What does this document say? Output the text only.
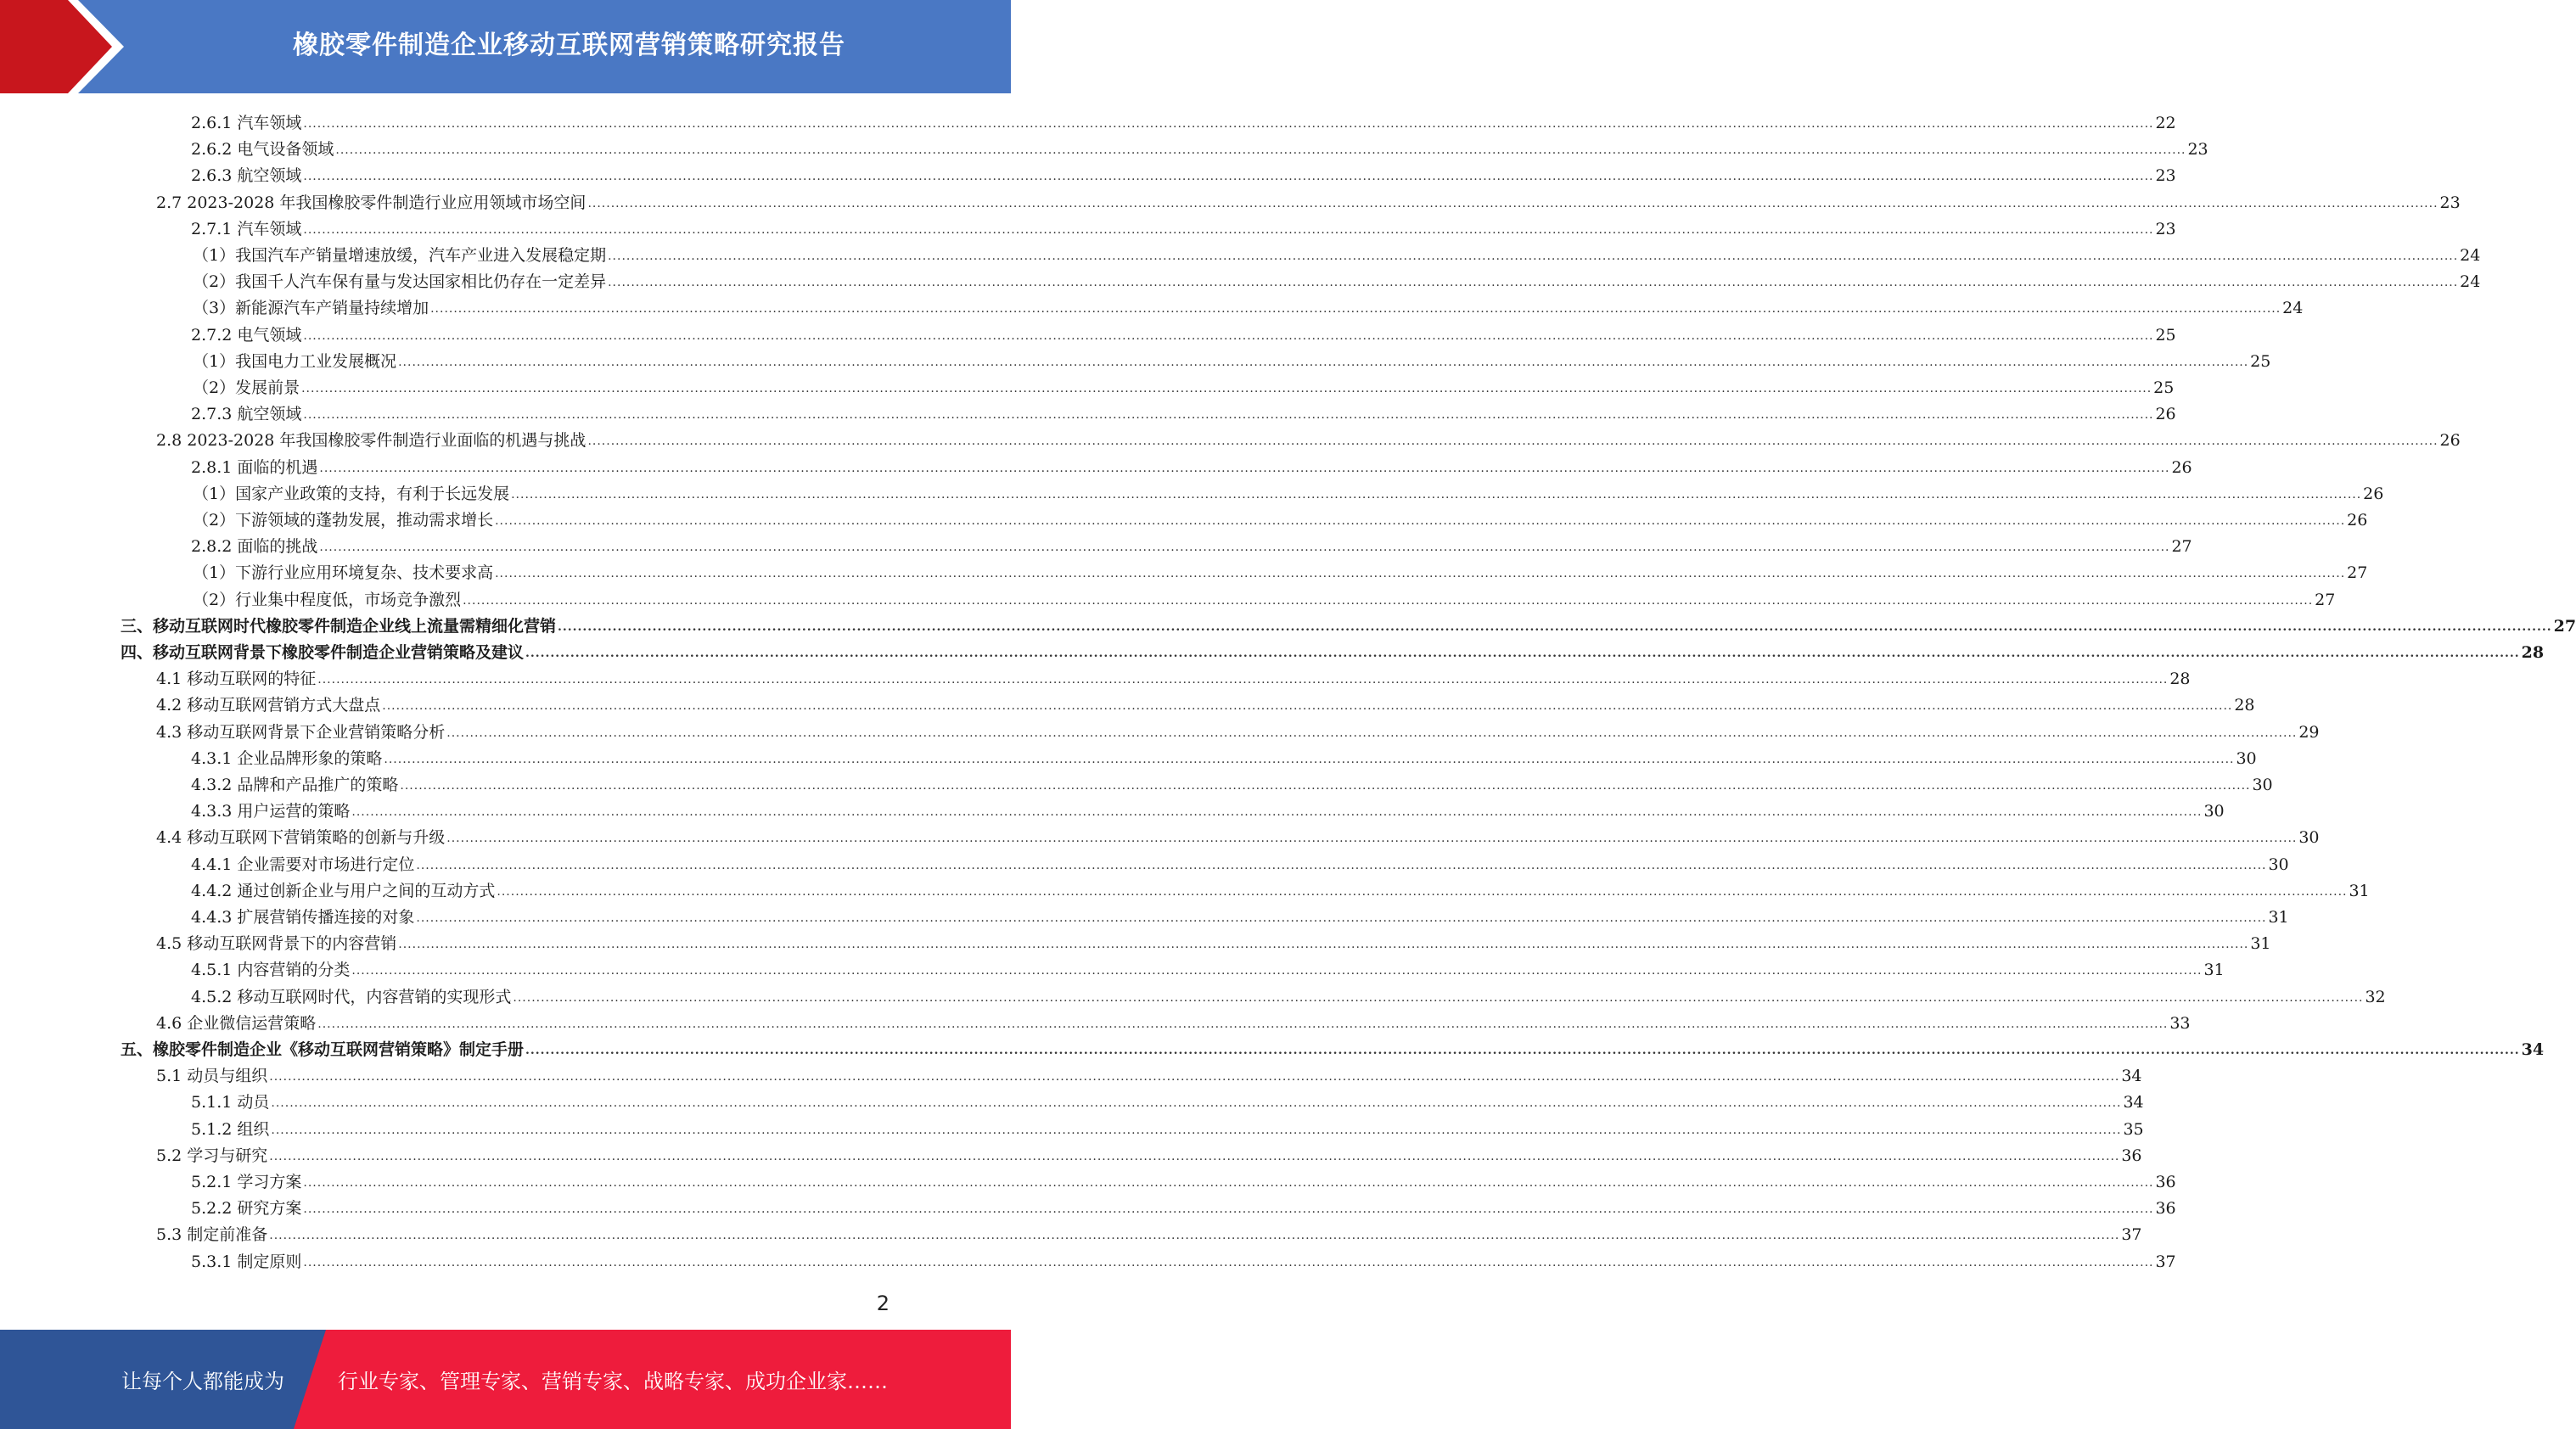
橡胶零件制造企业移动互联网营销策略研究报告
2.6.1 汽车领域 ................................................................................................................................................................................................................................................................................................................................................................................................................ 22
2.6.2 电气设备领域 ................................................................................................................................................................................................................................................................................................................................................................................................................ 23
2.6.3 航空领域 ................................................................................................................................................................................................................................................................................................................................................................................................................ 23
2.7 2023-2028 年我国橡胶零件制造行业应用领域市场空间 ................................................................................................................................................................................................................................................................................................................................................................................................................ 23
2.7.1 汽车领域 ................................................................................................................................................................................................................................................................................................................................................................................................................ 23
（1）我国汽车产销量增速放缓，汽车产业进入发展稳定期 ................................................................................................................................................................................................................................................................................................................................................................................................................ 24
（2）我国千人汽车保有量与发达国家相比仍存在一定差异 ................................................................................................................................................................................................................................................................................................................................................................................................................ 24
（3）新能源汽车产销量持续增加 ................................................................................................................................................................................................................................................................................................................................................................................................................ 24
2.7.2 电气领域 ................................................................................................................................................................................................................................................................................................................................................................................................................ 25
（1）我国电力工业发展概况 ................................................................................................................................................................................................................................................................................................................................................................................................................ 25
（2）发展前景 ................................................................................................................................................................................................................................................................................................................................................................................................................ 25
2.7.3 航空领域 ................................................................................................................................................................................................................................................................................................................................................................................................................ 26
2.8 2023-2028 年我国橡胶零件制造行业面临的机遇与挑战 ................................................................................................................................................................................................................................................................................................................................................................................................................ 26
2.8.1 面临的机遇 ................................................................................................................................................................................................................................................................................................................................................................................................................ 26
（1）国家产业政策的支持，有利于长远发展 ................................................................................................................................................................................................................................................................................................................................................................................................................ 26
（2）下游领域的蓬勃发展，推动需求增长 ................................................................................................................................................................................................................................................................................................................................................................................................................ 26
2.8.2 面临的挑战 ................................................................................................................................................................................................................................................................................................................................................................................................................ 27
（1）下游行业应用环境复杂、技术要求高 ................................................................................................................................................................................................................................................................................................................................................................................................................ 27
（2）行业集中程度低，市场竞争激烈 ................................................................................................................................................................................................................................................................................................................................................................................................................ 27
三、移动互联网时代橡胶零件制造企业线上流量需精细化营销 ................................................................................................................................................................................................................................................................................................................................................................................................................ 27
四、移动互联网背景下橡胶零件制造企业营销策略及建议 ................................................................................................................................................................................................................................................................................................................................................................................................................ 28
4.1 移动互联网的特征 ................................................................................................................................................................................................................................................................................................................................................................................................................ 28
4.2 移动互联网营销方式大盘点 ................................................................................................................................................................................................................................................................................................................................................................................................................ 28
4.3 移动互联网背景下企业营销策略分析 ................................................................................................................................................................................................................................................................................................................................................................................................................ 29
4.3.1 企业品牌形象的策略 ................................................................................................................................................................................................................................................................................................................................................................................................................ 30
4.3.2 品牌和产品推广的策略 ................................................................................................................................................................................................................................................................................................................................................................................................................ 30
4.3.3 用户运营的策略 ................................................................................................................................................................................................................................................................................................................................................................................................................ 30
4.4 移动互联网下营销策略的创新与升级 ................................................................................................................................................................................................................................................................................................................................................................................................................ 30
4.4.1 企业需要对市场进行定位 ................................................................................................................................................................................................................................................................................................................................................................................................................ 30
4.4.2 通过创新企业与用户之间的互动方式 ................................................................................................................................................................................................................................................................................................................................................................................................................ 31
4.4.3 扩展营销传播连接的对象 ................................................................................................................................................................................................................................................................................................................................................................................................................ 31
4.5 移动互联网背景下的内容营销 ................................................................................................................................................................................................................................................................................................................................................................................................................ 31
4.5.1 内容营销的分类 ................................................................................................................................................................................................................................................................................................................................................................................................................ 31
4.5.2 移动互联网时代，内容营销的实现形式 ................................................................................................................................................................................................................................................................................................................................................................................................................ 32
4.6 企业微信运营策略 ................................................................................................................................................................................................................................................................................................................................................................................................................ 33
五、橡胶零件制造企业《移动互联网营销策略》制定手册 ................................................................................................................................................................................................................................................................................................................................................................................................................ 34
5.1 动员与组织 ................................................................................................................................................................................................................................................................................................................................................................................................................ 34
5.1.1 动员 ................................................................................................................................................................................................................................................................................................................................................................................................................ 34
5.1.2 组织 ................................................................................................................................................................................................................................................................................................................................................................................................................ 35
5.2 学习与研究 ................................................................................................................................................................................................................................................................................................................................................................................................................ 36
5.2.1 学习方案 ................................................................................................................................................................................................................................................................................................................................................................................................................ 36
5.2.2 研究方案 ................................................................................................................................................................................................................................................................................................................................................................................................................ 36
5.3 制定前准备 ................................................................................................................................................................................................................................................................................................................................................................................................................ 37
5.3.1 制定原则 ................................................................................................................................................................................................................................................................................................................................................................................................................ 37
2
让每个人都能成为	行业专家、管理专家、营销专家、战略专家、成功企业家……
